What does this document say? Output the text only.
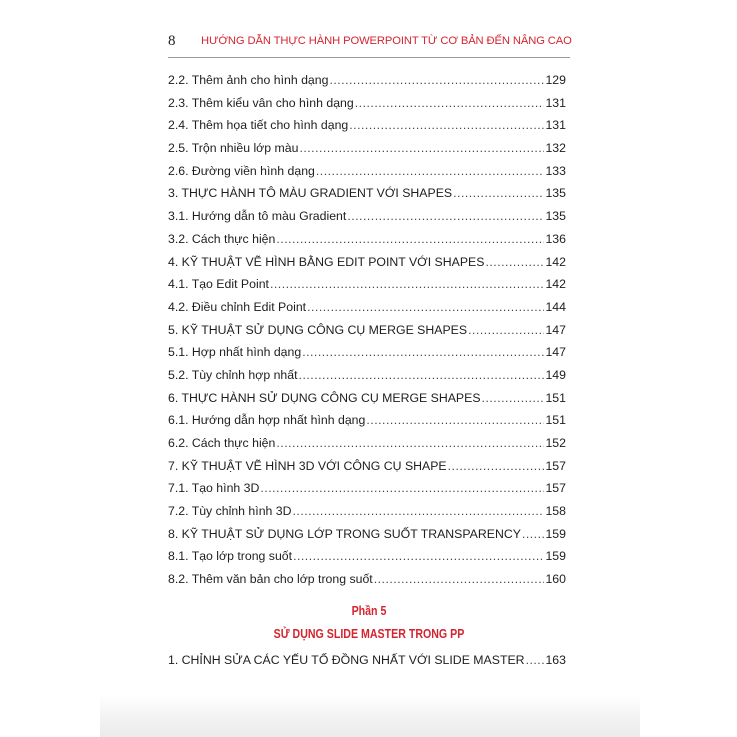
8 HƯỚNG DẪN THỰC HÀNH POWERPOINT TỪ CƠ BẢN ĐẾN NÂNG CAO
2.2. Thêm ảnh cho hình dạng .....	129
2.3. Thêm kiểu vân cho hình dạng .....	131
2.4. Thêm họa tiết cho hình dạng .....	131
2.5. Trộn nhiều lớp màu .....	132
2.6. Đường viền hình dạng .....	133
3. THỰC HÀNH TÔ MÀU GRADIENT VỚI SHAPES .....	135
3.1. Hướng dẫn tô màu Gradient .....	135
3.2. Cách thực hiện .....	136
4. KỸ THUẬT VẼ HÌNH BẰNG EDIT POINT VỚI SHAPES .....	142
4.1. Tạo Edit Point .....	142
4.2. Điều chỉnh Edit Point .....	144
5. KỸ THUẬT SỬ DỤNG CÔNG CỤ MERGE SHAPES .....	147
5.1. Hợp nhất hình dạng .....	147
5.2. Tùy chỉnh hợp nhất .....	149
6. THỰC HÀNH SỬ DỤNG CÔNG CỤ MERGE SHAPES .....	151
6.1. Hướng dẫn hợp nhất hình dạng .....	151
6.2. Cách thực hiện .....	152
7. KỸ THUẬT VẼ HÌNH 3D VỚI CÔNG CỤ SHAPE .....	157
7.1. Tạo hình 3D .....	157
7.2. Tùy chỉnh hình 3D .....	158
8. KỸ THUẬT SỬ DỤNG LỚP TRONG SUỐT TRANSPARENCY ..... 159
8.1. Tạo lớp trong suốt .....	159
8.2. Thêm văn bản cho lớp trong suốt .....	160
Phần 5
SỬ DỤNG SLIDE MASTER TRONG PP
1. CHỈNH SỬA CÁC YẾU TỐ ĐỒNG NHẤT VỚI SLIDE MASTER ..... 163
